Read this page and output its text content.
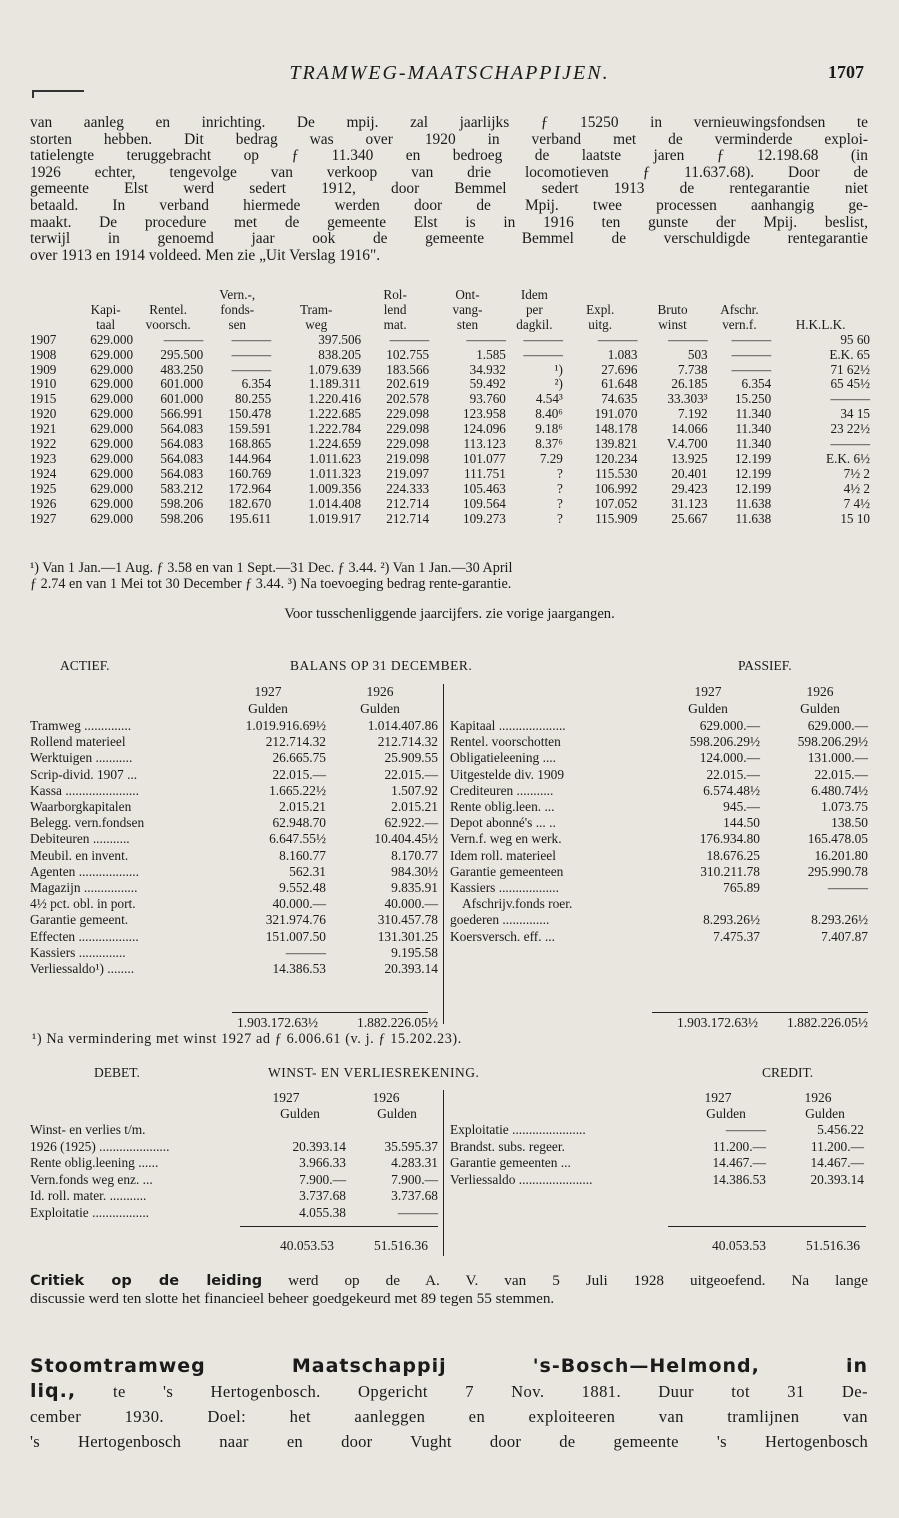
TRAMWEG-MAATSCHAPPIJEN.	1707
van aanleg en inrichting. De mpij. zal jaarlijks ƒ 15250 in vernieuwingsfondsen te
storten hebben. Dit bedrag was over 1920 in verband met de verminderde exploi-
tatielengte teruggebracht op ƒ 11.340 en bedroeg de laatste jaren ƒ 12.198.68 (in
1926 echter, tengevolge van verkoop van drie locomotieven ƒ 11.637.68). Door de
gemeente Elst werd sedert 1912, door Bemmel sedert 1913 de rentegarantie niet
betaald. In verband hiermede werden door de Mpij. twee processen aanhangig ge-
maakt. De procedure met de gemeente Elst is in 1916 ten gunste der Mpij. beslist,
terwijl in genoemd jaar ook de gemeente Bemmel de verschuldigde rentegarantie
over 1913 en 1914 voldeed. Men zie „Uit Verslag 1916".
			Vern.-,		Rol-	Ont-	Idem				
	Kapi-	Rentel.	fonds-	Tram-	lend	vang-	per	Expl.	Bruto	Afschr.	
	taal	voorsch.	sen	weg	mat.	sten	dagkil.	uitg.	winst	vern.f.	H.K.L.K.
1907	629.000	———	———	397.506	———	———	———	———	———	———	95 60
1908	629.000	295.500	———	838.205	102.755	1.585	———	1.083	503	———	E.K. 65
1909	629.000	483.250	———	1.079.639	183.566	34.932	¹)	27.696	7.738	———	71 62½
1910	629.000	601.000	6.354	1.189.311	202.619	59.492	²)	61.648	26.185	6.354	65 45½
1915	629.000	601.000	80.255	1.220.416	202.578	93.760	4.54³	74.635	33.303³	15.250	———
1920	629.000	566.991	150.478	1.222.685	229.098	123.958	8.40⁶	191.070	7.192	11.340	34 15
1921	629.000	564.083	159.591	1.222.784	229.098	124.096	9.18⁶	148.178	14.066	11.340	23 22½
1922	629.000	564.083	168.865	1.224.659	229.098	113.123	8.37⁶	139.821	V.4.700	11.340	———
1923	629.000	564.083	144.964	1.011.623	219.098	101.077	7.29	120.234	13.925	12.199	E.K. 6½
1924	629.000	564.083	160.769	1.011.323	219.097	111.751	?	115.530	20.401	12.199	7½ 2
1925	629.000	583.212	172.964	1.009.356	224.333	105.463	?	106.992	29.423	12.199	4½ 2
1926	629.000	598.206	182.670	1.014.408	212.714	109.564	?	107.052	31.123	11.638	7 4½
1927	629.000	598.206	195.611	1.019.917	212.714	109.273	?	115.909	25.667	11.638	15 10
¹) Van 1 Jan.—1 Aug. ƒ 3.58 en van 1 Sept.—31 Dec. ƒ 3.44. ²) Van 1 Jan.—30 April
ƒ 2.74 en van 1 Mei tot 30 December ƒ 3.44. ³) Na toevoeging bedrag rente-garantie.
Voor tusschenliggende jaarcijfers. zie vorige jaargangen.
ACTIEF.	BALANS OP 31 DECEMBER.	PASSIEF.
1927	1926	1927	1926
Gulden	Gulden	Gulden	Gulden
Tramweg ..............	1.019.916.69½	1.014.407.86
Rollend materieel	212.714.32	212.714.32
Werktuigen ...........	26.665.75	25.909.55
Scrip-divid. 1907 ...	22.015.—	22.015.—
Kassa ......................	1.665.22½	1.507.92
Waarborgkapitalen	2.015.21	2.015.21
Belegg. vern.fondsen	62.948.70	62.922.—
Debiteuren ...........	6.647.55½	10.404.45½
Meubil. en invent.	8.160.77	8.170.77
Agenten ..................	562.31	984.30½
Magazijn ................	9.552.48	9.835.91
4½ pct. obl. in port.	40.000.—	40.000.—
Garantie gemeent.	321.974.76	310.457.78
Effecten ..................	151.007.50	131.301.25
Kassiers ..............	———	9.195.58
Verliessaldo¹) ........	14.386.53	20.393.14
Kapitaal ....................	629.000.—	629.000.—
Rentel. voorschotten	598.206.29½	598.206.29½
Obligatieleening ....	124.000.—	131.000.—
Uitgestelde div. 1909	22.015.—	22.015.—
Crediteuren ...........	6.574.48½	6.480.74½
Rente oblig.leen. ...	945.—	1.073.75
Depot abonné's ... ..	144.50	138.50
Vern.f. weg en werk.	176.934.80	165.478.05
Idem roll. materieel	18.676.25	16.201.80
Garantie gemeenteen	310.211.78	295.990.78
Kassiers ..................	765.89	———
Afschrijv.fonds roer.		
goederen ..............	8.293.26½	8.293.26½
Koersversch. eff. ...	7.475.37	7.407.87
1.903.172.63½	1.882.226.05½	1.903.172.63½	1.882.226.05½
¹) Na vermindering met winst 1927 ad ƒ 6.006.61 (v. j. ƒ 15.202.23).
DEBET.	WINST- EN VERLIESREKENING.	CREDIT.
1927	1926	1927	1926
Gulden	Gulden	Gulden	Gulden
Winst- en verlies t/m.		
1926 (1925) .....................	20.393.14	35.595.37
Rente oblig.leening ......	3.966.33	4.283.31
Vern.fonds weg enz. ...	7.900.—	7.900.—
Id. roll. mater. ...........	3.737.68	3.737.68
Exploitatie .................	4.055.38	———
Exploitatie ......................	———	5.456.22
Brandst. subs. regeer.	11.200.—	11.200.—
Garantie gemeenten ...	14.467.—	14.467.—
Verliessaldo ......................	14.386.53	20.393.14
40.053.53	51.516.36	40.053.53	51.516.36
Critiek op de leiding werd op de A. V. van 5 Juli 1928 uitgeoefend. Na lange
discussie werd ten slotte het financieel beheer goedgekeurd met 89 tegen 55 stemmen.
Stoomtramweg Maatschappij 's-Bosch—Helmond, in
liq., te 's Hertogenbosch. Opgericht 7 Nov. 1881. Duur tot 31 De-
cember 1930. Doel: het aanleggen en exploiteeren van tramlijnen van
's Hertogenbosch naar en door Vught door de gemeente 's Hertogenbosch
